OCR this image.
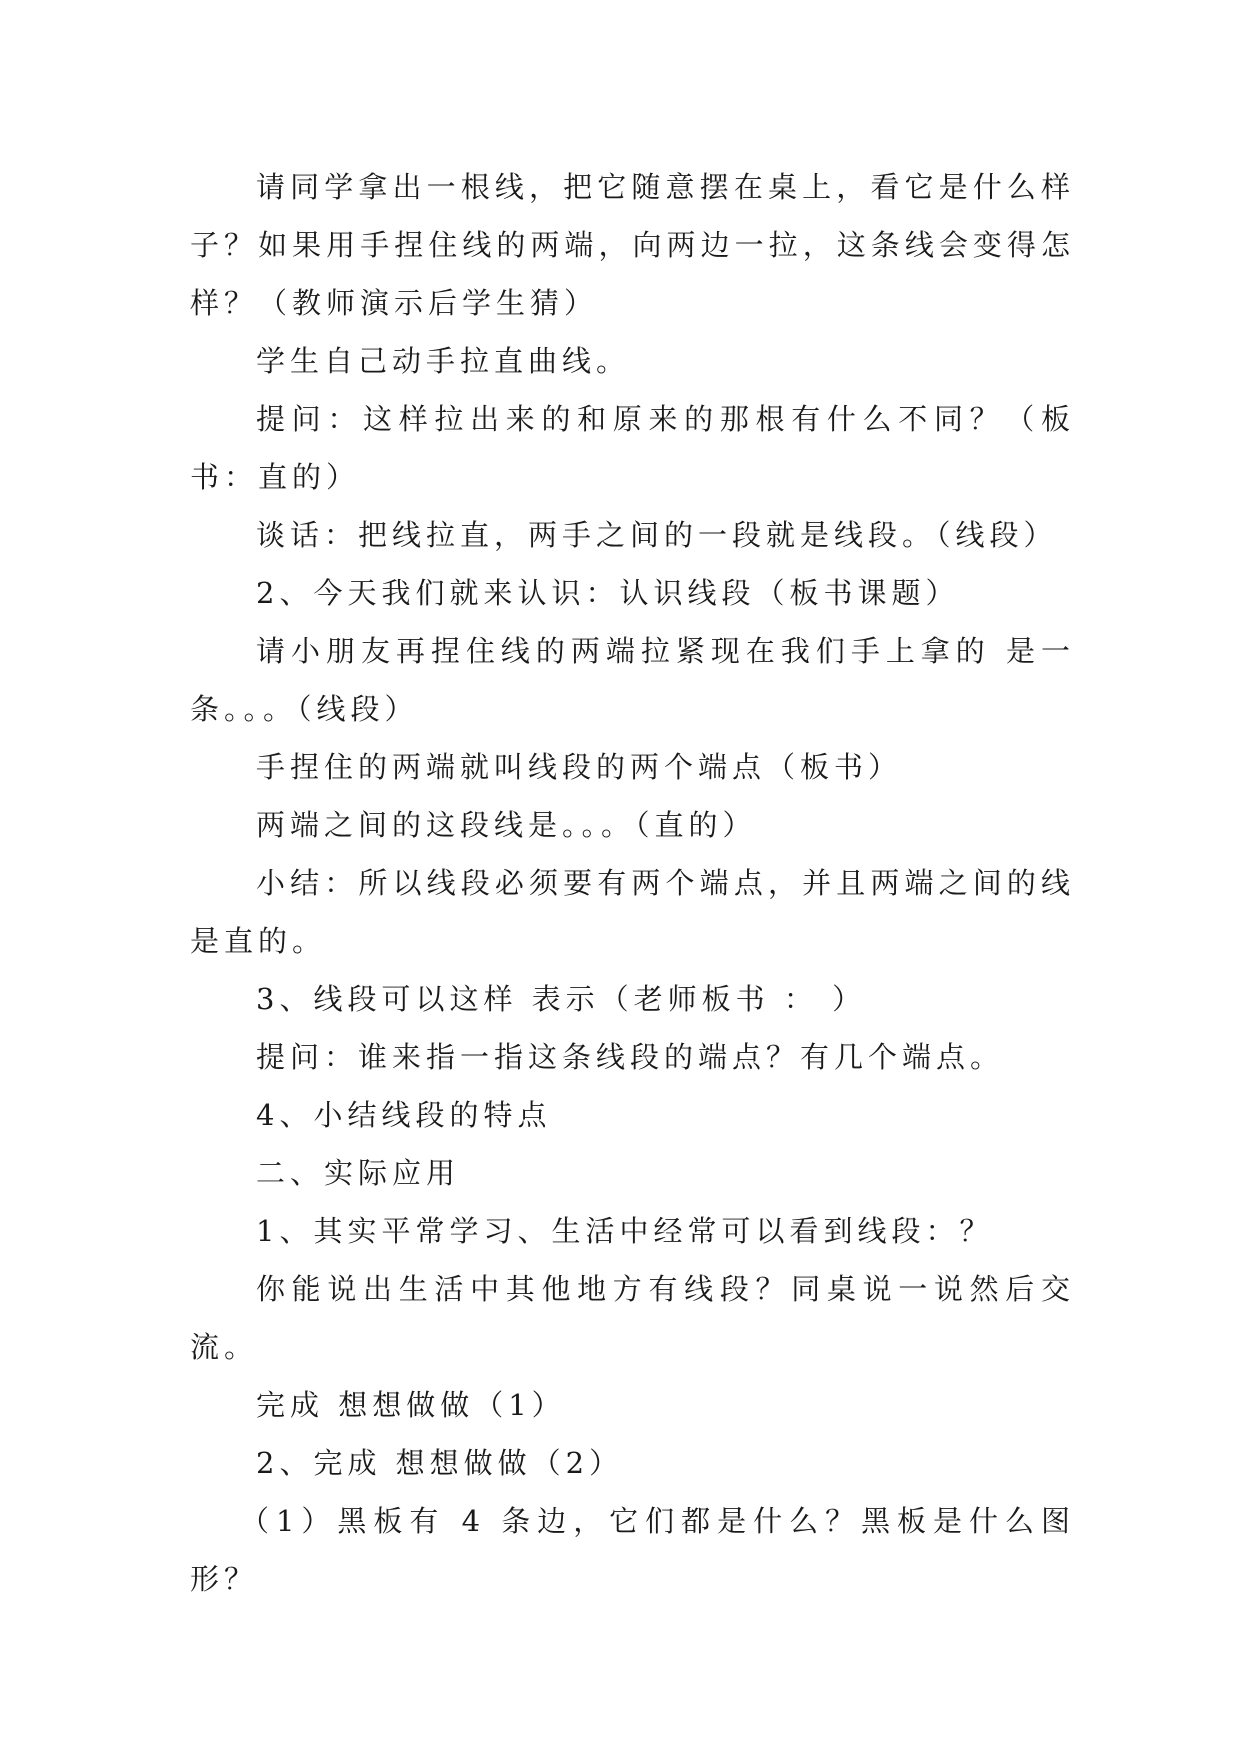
请同学拿出一根线，把它随意摆在桌上，看它是什么样子？如果用手捏住线的两端，向两边一拉，这条线会变得怎样？（教师演示后学生猜）

学生自己动手拉直曲线。

提问：这样拉出来的和原来的那根有什么不同？（板书：直的）

谈话：把线拉直，两手之间的一段就是线段。（线段）

2、今天我们就来认识：认识线段（板书课题）

请小朋友再捏住线的两端拉紧现在我们手上拿的 是一条。。。（线段）

手捏住的两端就叫线段的两个端点（板书）

两端之间的这段线是。。。（直的）

小结：所以线段必须要有两个端点，并且两端之间的线是直的。

3、线段可以这样 表示（老师板书 ： ）

提问：谁来指一指这条线段的端点？有几个端点。

4、小结线段的特点

二、实际应用

1、其实平常学习、生活中经常可以看到线段：？

你能说出生活中其他地方有线段？同桌说一说然后交流。

完成 想想做做（1）

2、完成 想想做做（2）

（1）黑板有 4 条边，它们都是什么？黑板是什么图形？
